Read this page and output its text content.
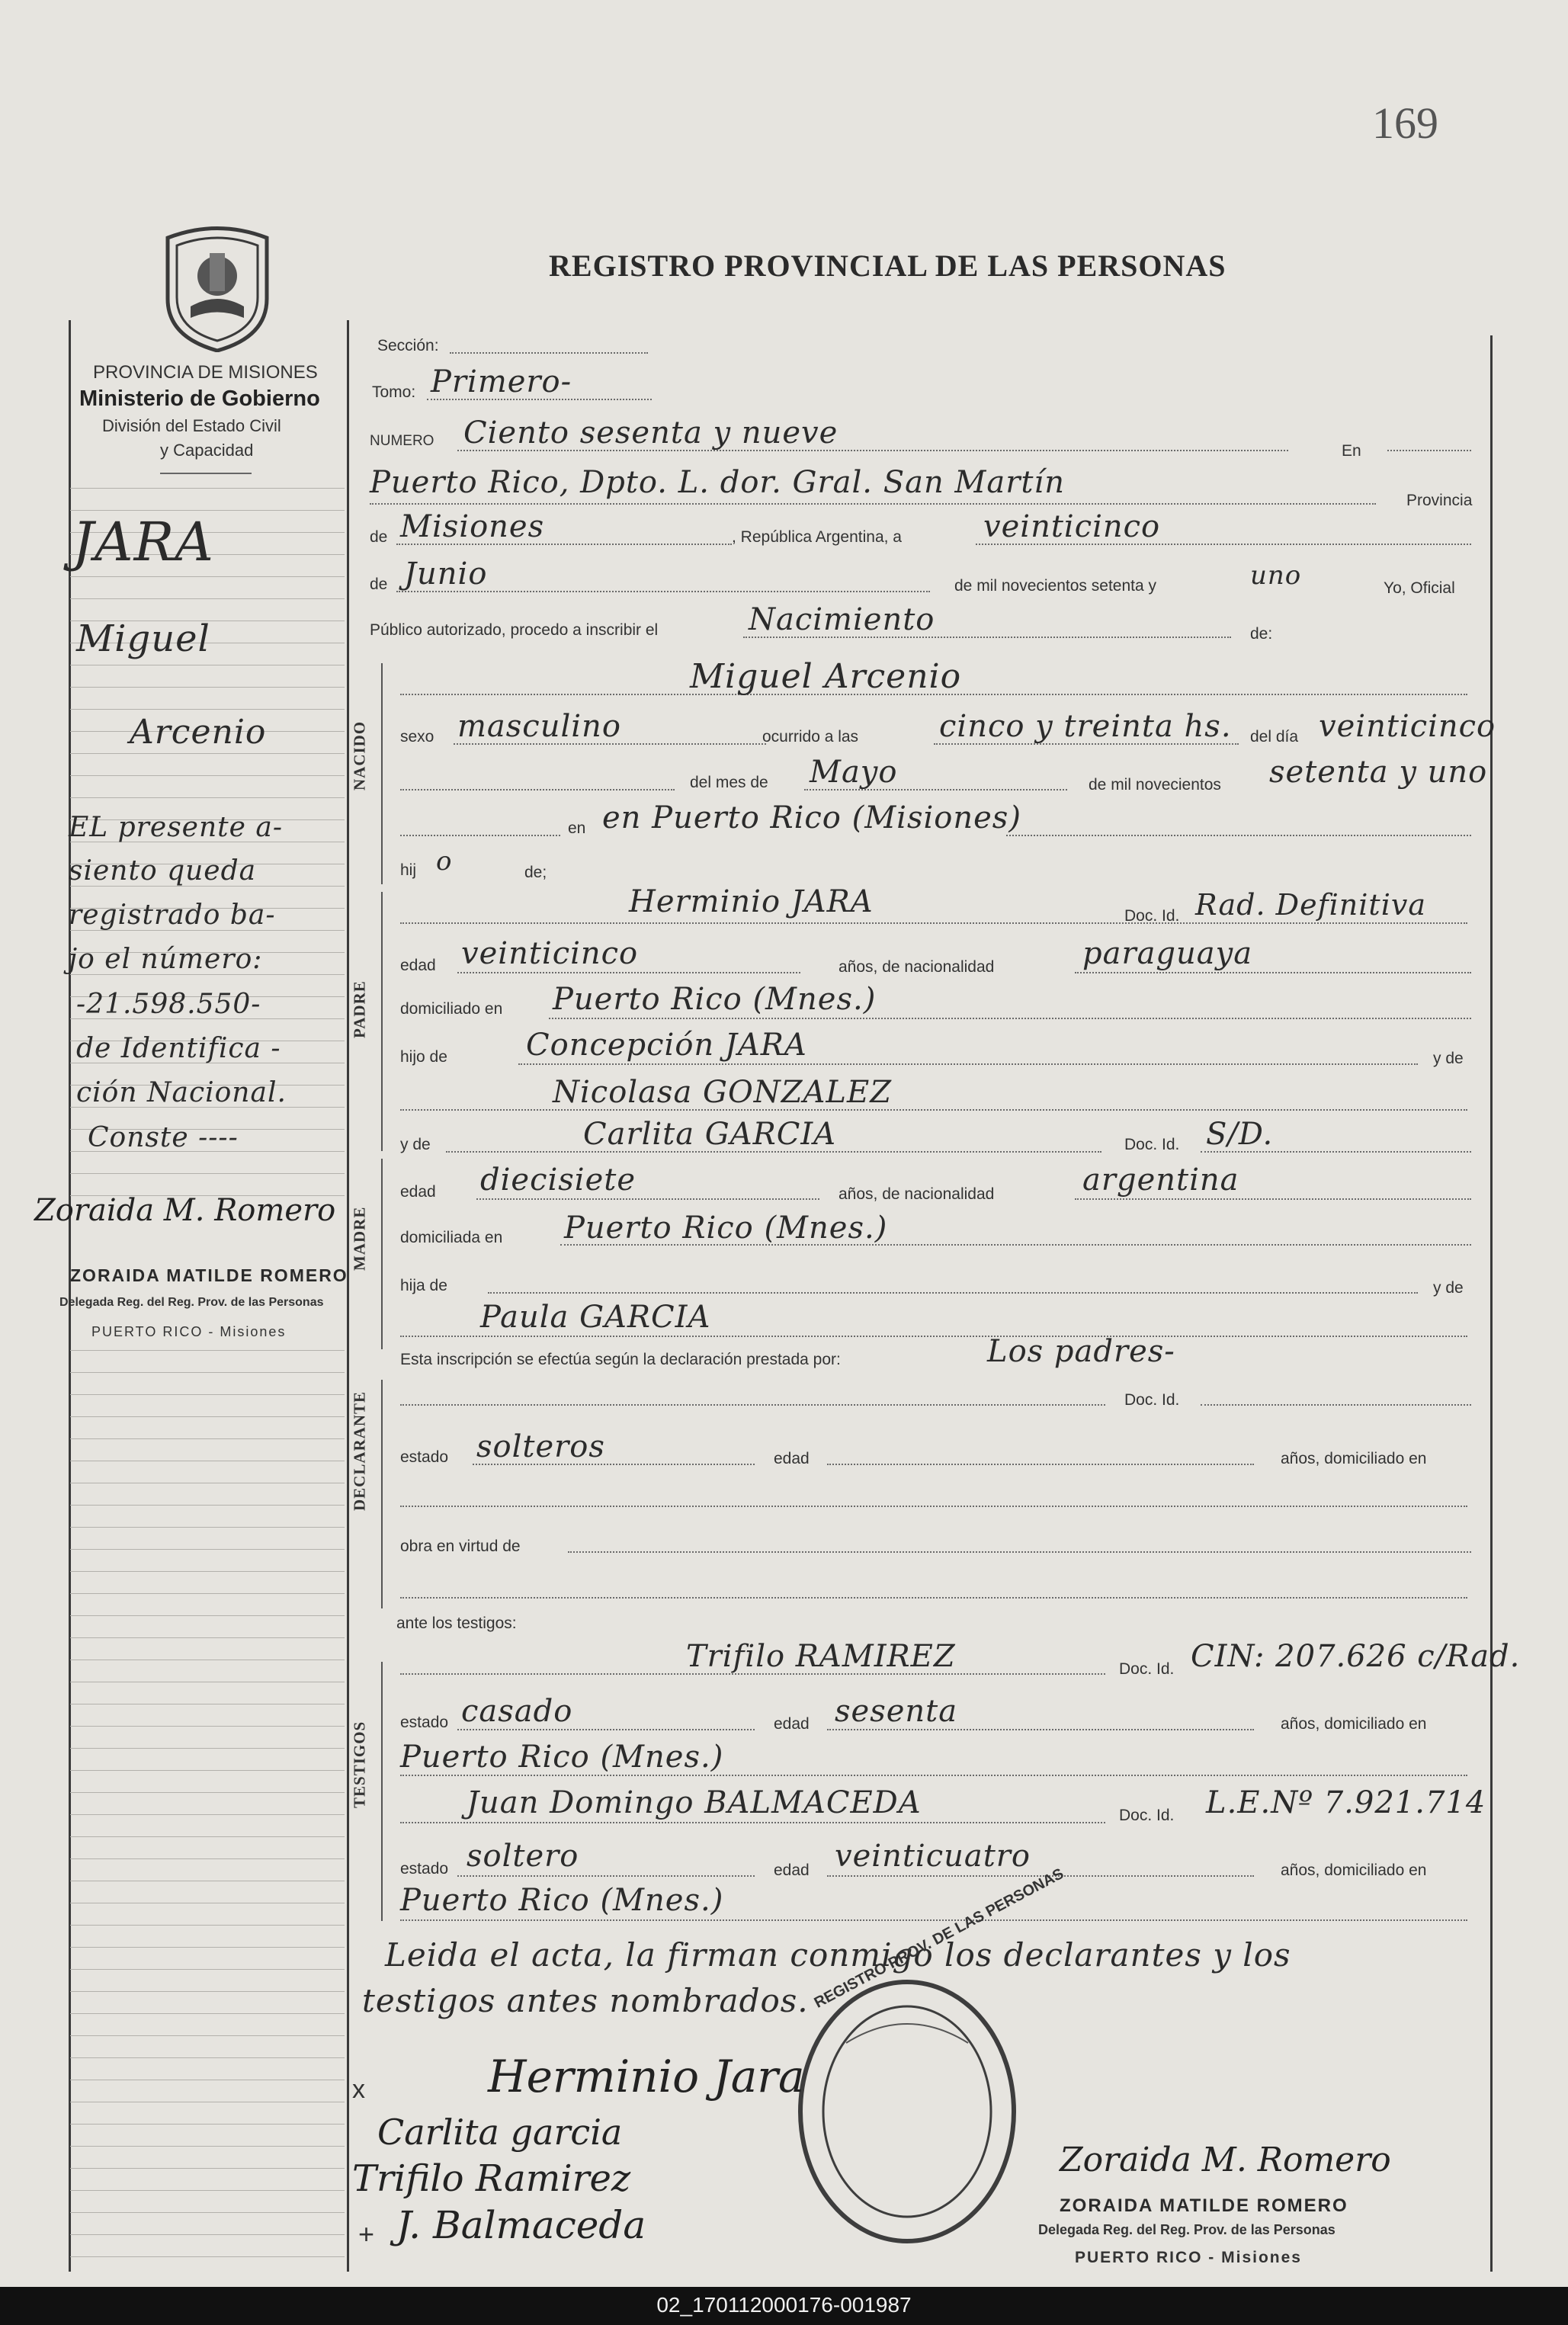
169
REGISTRO PROVINCIAL DE LAS PERSONAS
PROVINCIA DE MISIONES
Ministerio de Gobierno
División del Estado Civil
y Capacidad
JARA
Miguel
Arcenio
EL presente a-
siento queda
registrado ba-
jo el número:
-21.598.550-
de Identifica -
ción Nacional.
Conste ----
Zoraida M. Romero
ZORAIDA MATILDE ROMERO
Delegada Reg. del Reg. Prov. de las Personas
PUERTO RICO - Misiones
NACIDO
PADRE
MADRE
DECLARANTE
TESTIGOS
Sección:
Tomo: Primero-
NUMERO Ciento sesenta y nueve
En
Puerto Rico, Dpto. L. dor. Gral. San Martín
Provincia
de Misiones	, República Argentina, a	veinticinco
de Junio	de mil novecientos setenta y	uno	Yo, Oficial
Público autorizado, procedo a inscribir el	Nacimiento	de:
Miguel Arcenio
sexo masculino	ocurrido a las	cinco y treinta hs. del día veinticinco
del mes de Mayo	de mil novecientos setenta y uno
en en Puerto Rico (Misiones)
hij o	de;
Herminio JARA	Doc. Id. Rad. Definitiva
edad veinticinco	años, de nacionalidad	paraguaya
domiciliado en Puerto Rico (Mnes.)
hijo de	Concepción JARA	y de
Nicolasa GONZALEZ
y de	Carlita GARCIA	Doc. Id. S/D.
edad diecisiete	años, de nacionalidad	argentina
domiciliada en Puerto Rico (Mnes.)
hija de	y de
Paula GARCIA
Esta inscripción se efectúa según la declaración prestada por:	Los padres-
Doc. Id.
estado solteros	edad	años, domiciliado en
obra en virtud de
ante los testigos:
Trifilo RAMIREZ	Doc. Id. CIN: 207.626 c/Rad.
estado casado	edad sesenta	años, domiciliado en
Puerto Rico (Mnes.)
Juan Domingo BALMACEDA	Doc. Id. L.E.Nº 7.921.714
estado soltero	edad veinticuatro	años, domiciliado en
Puerto Rico (Mnes.)
Leida el acta, la firman conmigo los declarantes y los
testigos antes nombrados. REGISTRO PROV. DE LAS PERSONAS
x	Herminio Jara
Carlita garcia
Trifilo Ramirez
+ J. Balmaceda
Zoraida M. Romero
ZORAIDA MATILDE ROMERO
Delegada Reg. del Reg. Prov. de las Personas
PUERTO RICO - Misiones
02_170112000176-001987
